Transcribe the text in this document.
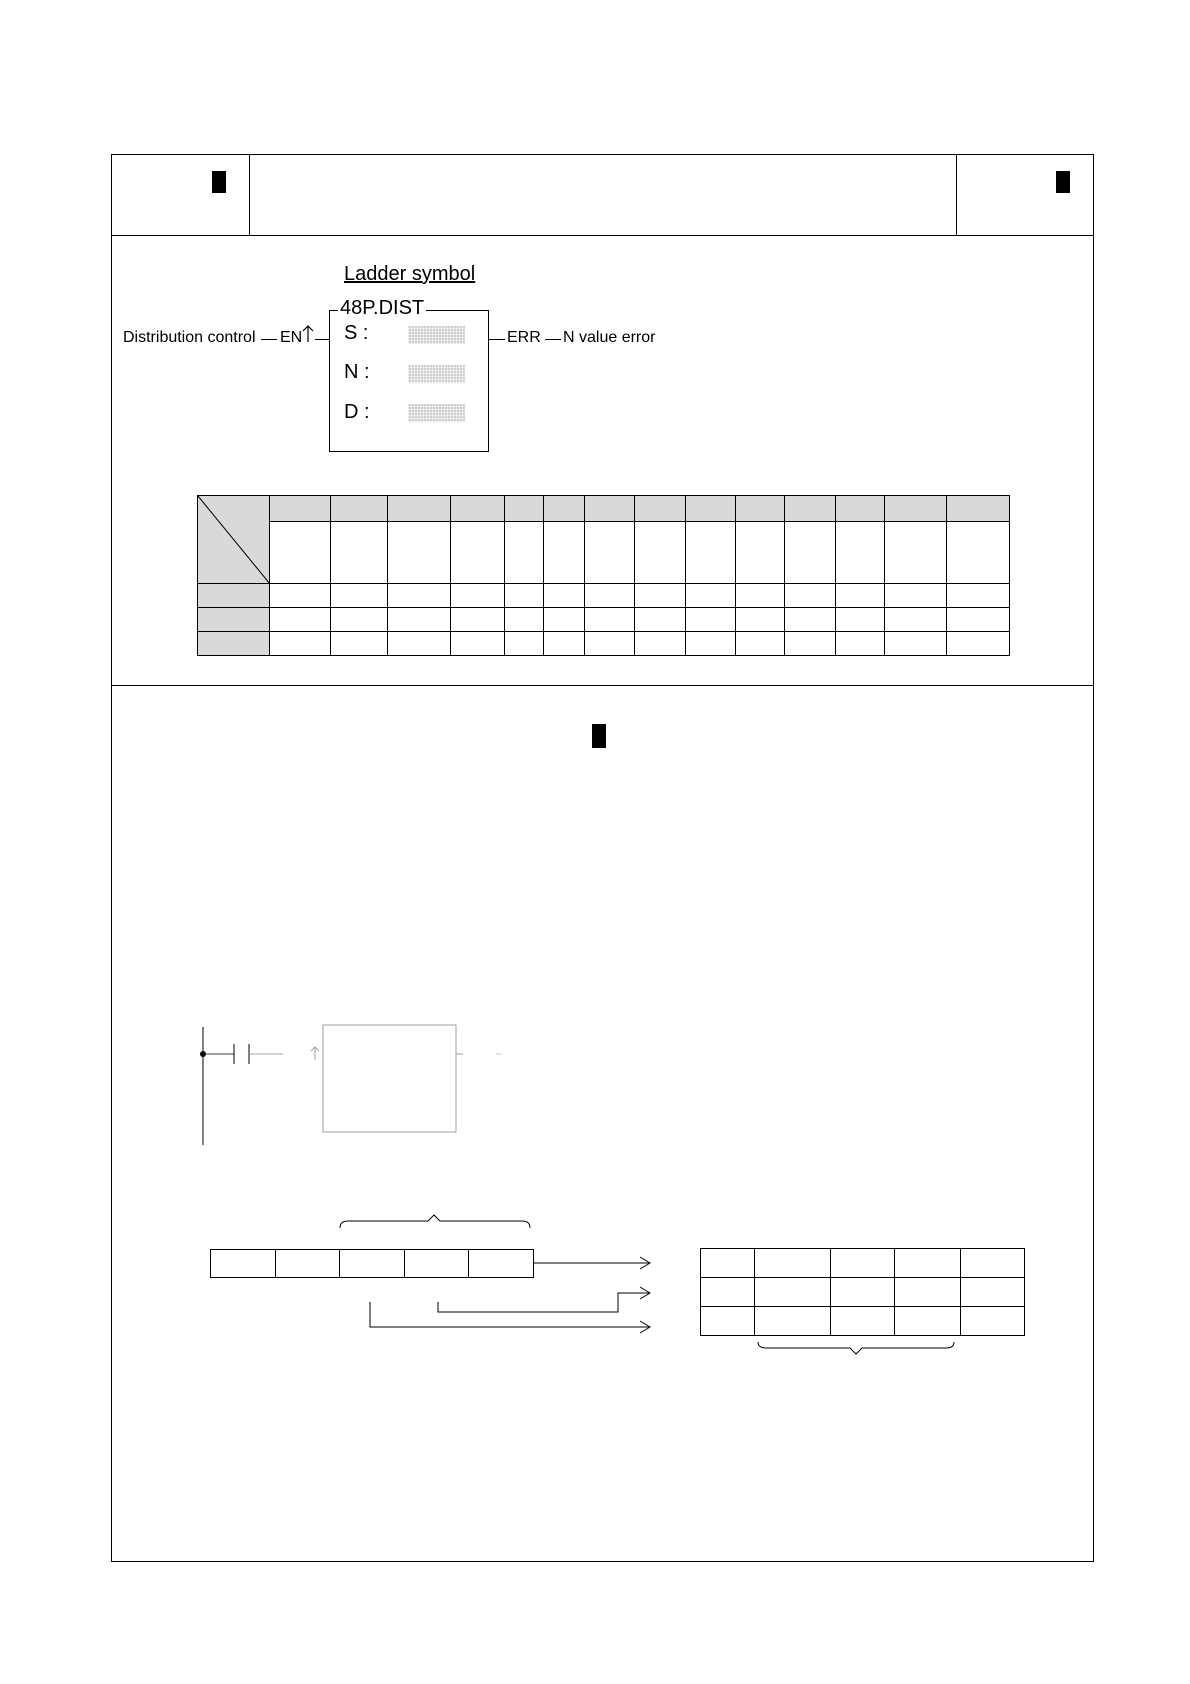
Ladder symbol
48P.DIST
Distribution control EN S :
N :
D :
ERR N value error
